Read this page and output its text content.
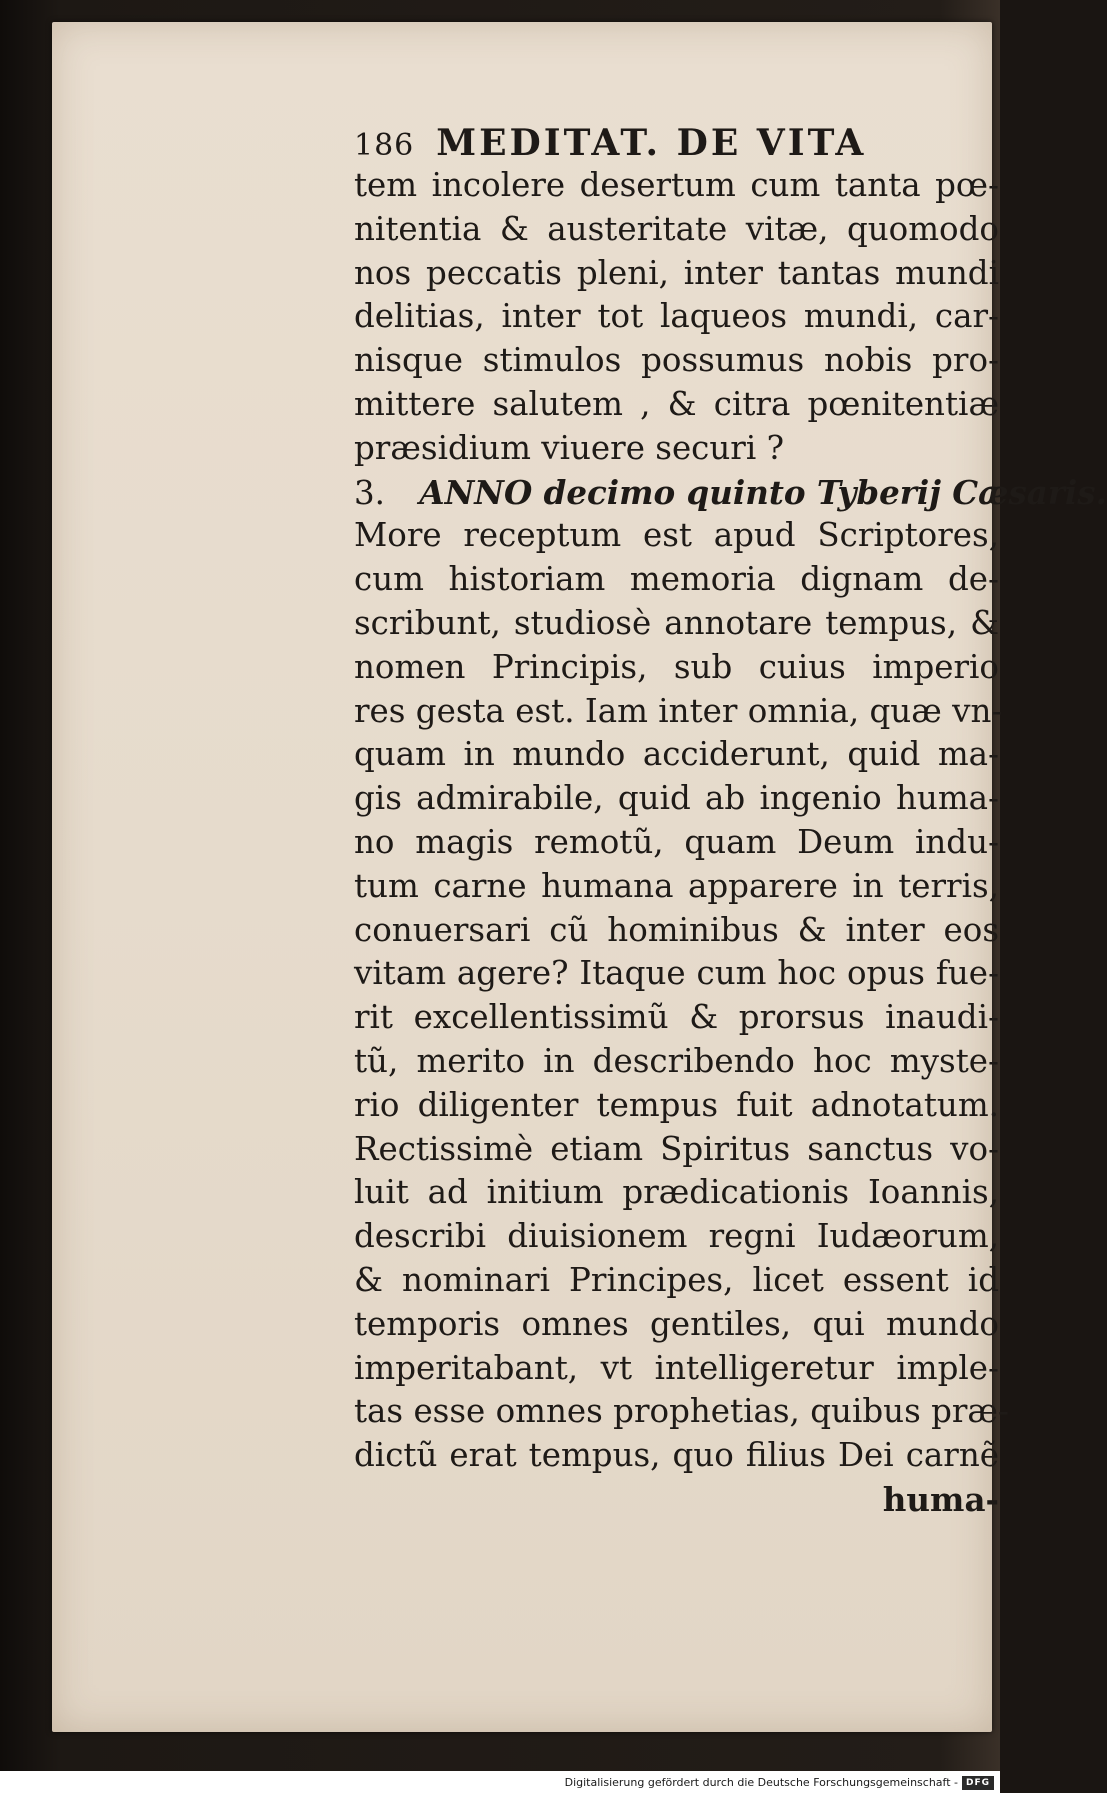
186 MEDITAT. DE VITA
tem incolere desertum cum tanta pœ-
nitentia & austeritate vitæ, quomodo
nos peccatis pleni, inter tantas mundi
delitias, inter tot laqueos mundi, car-
nisque stimulos possumus nobis pro-
mittere salutem , & citra pœnitentiæ
præsidium viuere securi ?
3. ANNO decimo quinto Tyberij Cæsaris.
More receptum est apud Scriptores,
cum historiam memoria dignam de-
scribunt, studiosè annotare tempus, &
nomen Principis, sub cuius imperio
res gesta est. Iam inter omnia, quæ vn-
quam in mundo acciderunt, quid ma-
gis admirabile, quid ab ingenio huma-
no magis remotũ, quam Deum indu-
tum carne humana apparere in terris,
conuersari cũ hominibus & inter eos
vitam agere? Itaque cum hoc opus fue-
rit excellentissimũ & prorsus inaudi-
tũ, merito in describendo hoc myste-
rio diligenter tempus fuit adnotatum.
Rectissimè etiam Spiritus sanctus vo-
luit ad initium prædicationis Ioannis,
describi diuisionem regni Iudæorum,
& nominari Principes, licet essent id
temporis omnes gentiles, qui mundo
imperitabant, vt intelligeretur imple-
tas esse omnes prophetias, quibus præ-
dictũ erat tempus, quo filius Dei carnẽ
huma-
Digitalisierung gefördert durch die Deutsche Forschungsgemeinschaft - DFG
